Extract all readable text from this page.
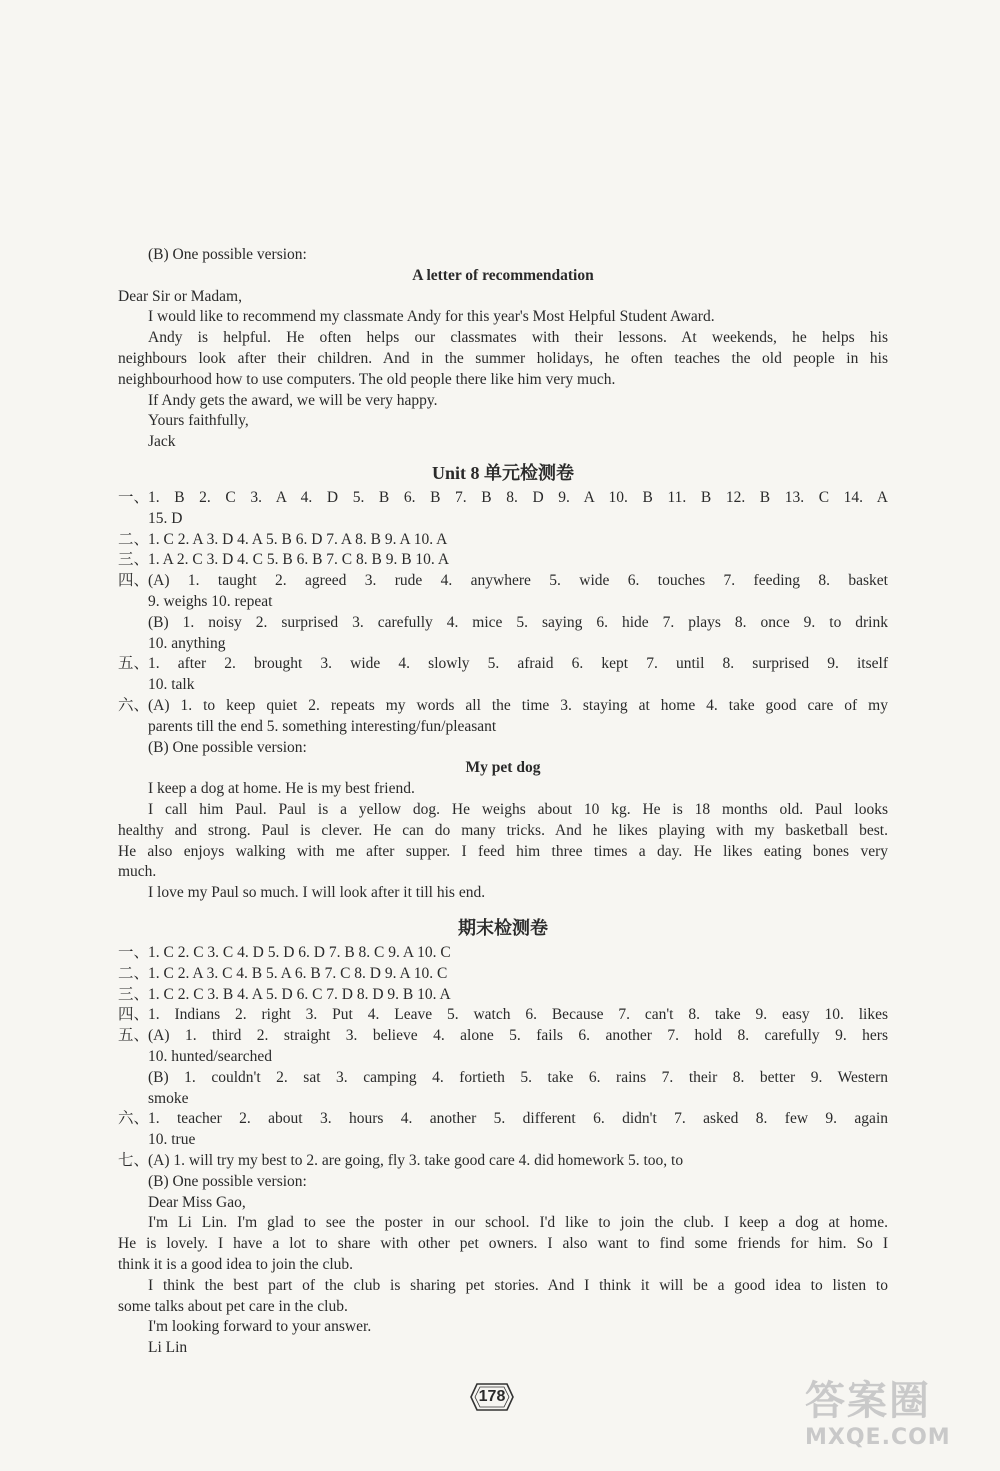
(B) One possible version:
A letter of recommendation
Dear Sir or Madam,
I would like to recommend my classmate Andy for this year's Most Helpful Student Award.
Andy is helpful. He often helps our classmates with their lessons. At weekends, he helps his
neighbours look after their children. And in the summer holidays, he often teaches the old people in his
neighbourhood how to use computers. The old people there like him very much.
If Andy gets the award, we will be very happy.
Yours faithfully,
Jack
Unit 8 单元检测卷
一、1. B 2. C 3. A 4. D 5. B 6. B 7. B 8. D 9. A 10. B 11. B 12. B 13. C 14. A
15. D
二、1. C 2. A 3. D 4. A 5. B 6. D 7. A 8. B 9. A 10. A
三、1. A 2. C 3. D 4. C 5. B 6. B 7. C 8. B 9. B 10. A
四、(A) 1. taught 2. agreed 3. rude 4. anywhere 5. wide 6. touches 7. feeding 8. basket
9. weighs 10. repeat
(B) 1. noisy 2. surprised 3. carefully 4. mice 5. saying 6. hide 7. plays 8. once 9. to drink
10. anything
五、1. after 2. brought 3. wide 4. slowly 5. afraid 6. kept 7. until 8. surprised 9. itself
10. talk
六、(A) 1. to keep quiet 2. repeats my words all the time 3. staying at home 4. take good care of my
parents till the end 5. something interesting/fun/pleasant
(B) One possible version:
My pet dog
I keep a dog at home. He is my best friend.
I call him Paul. Paul is a yellow dog. He weighs about 10 kg. He is 18 months old. Paul looks
healthy and strong. Paul is clever. He can do many tricks. And he likes playing with my basketball best.
He also enjoys walking with me after supper. I feed him three times a day. He likes eating bones very
much.
I love my Paul so much. I will look after it till his end.
期末检测卷
一、1. C 2. C 3. C 4. D 5. D 6. D 7. B 8. C 9. A 10. C
二、1. C 2. A 3. C 4. B 5. A 6. B 7. C 8. D 9. A 10. C
三、1. C 2. C 3. B 4. A 5. D 6. C 7. D 8. D 9. B 10. A
四、1. Indians 2. right 3. Put 4. Leave 5. watch 6. Because 7. can't 8. take 9. easy 10. likes
五、(A) 1. third 2. straight 3. believe 4. alone 5. fails 6. another 7. hold 8. carefully 9. hers
10. hunted/searched
(B) 1. couldn't 2. sat 3. camping 4. fortieth 5. take 6. rains 7. their 8. better 9. Western
smoke
六、1. teacher 2. about 3. hours 4. another 5. different 6. didn't 7. asked 8. few 9. again
10. true
七、(A) 1. will try my best to 2. are going, fly 3. take good care 4. did homework 5. too, to
(B) One possible version:
Dear Miss Gao,
I'm Li Lin. I'm glad to see the poster in our school. I'd like to join the club. I keep a dog at home.
He is lovely. I have a lot to share with other pet owners. I also want to find some friends for him. So I
think it is a good idea to join the club.
I think the best part of the club is sharing pet stories. And I think it will be a good idea to listen to
some talks about pet care in the club.
I'm looking forward to your answer.
Li Lin
178	答案圈
MXQE.COM
